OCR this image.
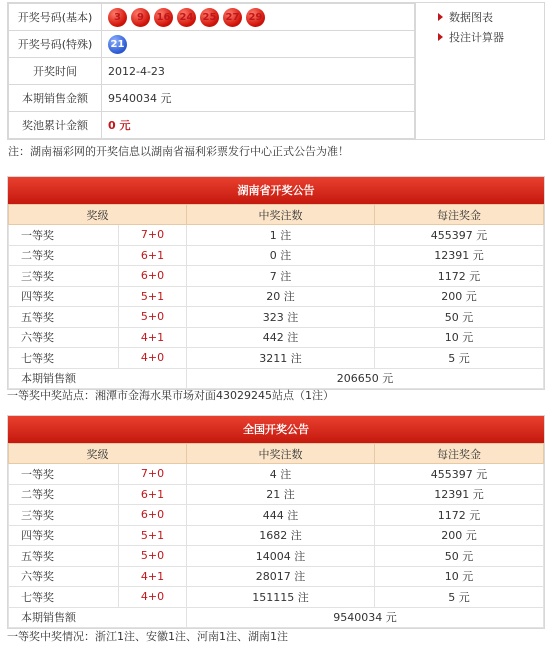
开奖号码(基本)	3 9 16 24 25 27 29
开奖号码(特殊)	21
开奖时间	2012-4-23
本期销售金额	9540034 元
奖池累计金额	0 元
数据图表
投注计算器
注：湖南福彩网的开奖信息以湖南省福利彩票发行中心正式公告为准！
湖南省开奖公告
奖级		中奖注数	每注奖金
一等奖	7+0	1 注	455397 元
二等奖	6+1	0 注	12391 元
三等奖	6+0	7 注	1172 元
四等奖	5+1	20 注	200 元
五等奖	5+0	323 注	50 元
六等奖	4+1	442 注	10 元
七等奖	4+0	3211 注	5 元
本期销售额		206650 元	
一等奖中奖站点：湘潭市金海水果市场对面43029245站点（1注）
全国开奖公告
奖级		中奖注数	每注奖金
一等奖	7+0	4 注	455397 元
二等奖	6+1	21 注	12391 元
三等奖	6+0	444 注	1172 元
四等奖	5+1	1682 注	200 元
五等奖	5+0	14004 注	50 元
六等奖	4+1	28017 注	10 元
七等奖	4+0	151115 注	5 元
本期销售额		9540034 元	
一等奖中奖情况：浙江1注、安徽1注、河南1注、湖南1注
